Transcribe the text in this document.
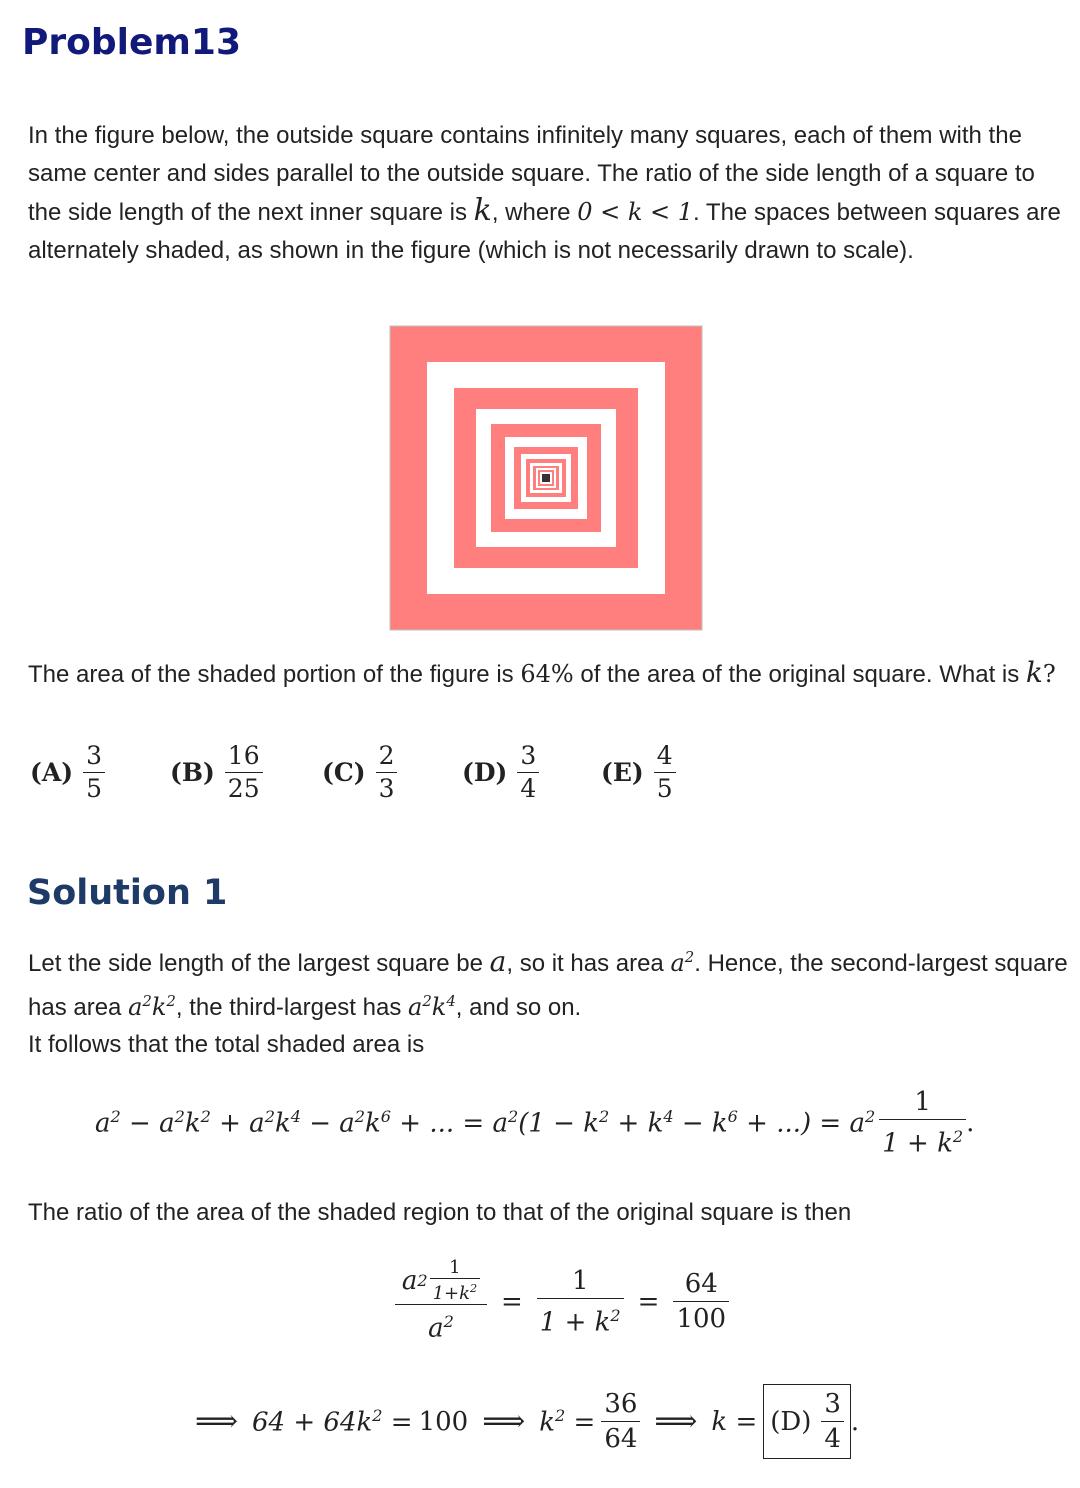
Problem13

In the figure below, the outside square contains infinitely many squares, each of them with the same center and sides parallel to the outside square. The ratio of the side length of a square to the side length of the next inner square is k, where 0 < k < 1. The spaces between squares are alternately shaded, as shown in the figure (which is not necessarily drawn to scale).

The area of the shaded portion of the figure is 64% of the area of the original square. What is k?

$(A) \frac{3}{5}$	$(B) \frac{16}{25} (C) \frac{2}{3}$	$(D) \frac{3}{4} (E) \frac{4}{5}$
Solution 1

Let the side length of the largest square be a, so it has area $a^2$. Hence, the second-largest square has area $a^2k^2$, the third-largest has $a^2k^4$, and so on.

It follows that the total shaded area is

$a^2 - a^2k^2 + a^2k^4 - a^2k^6$ + ... = $a^2(1 - k^2 + k^4 - k^6$ + ...) = $a^2 \frac{1}{1 + k^2}$ .

The ratio of the area of the shaded region to that of the original square is then

$\frac{a 2 \frac{1}{1+k^2}}{a^2} = \frac{1}{1 + k^2} = \frac{64}{100}$
⟹ $64 + 64k^2 = 100$ ⟹ $k^2 = \frac{36}{64}$ ⟹ $k = (D) \frac{3}{4}$ .
